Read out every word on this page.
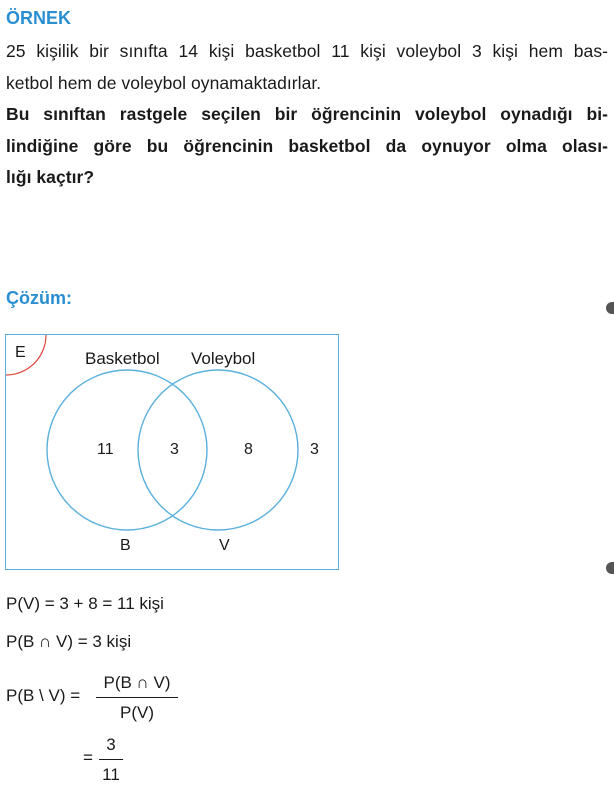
ÖRNEK
25 kişilik bir sınıfta 14 kişi basketbol 11 kişi voleybol 3 kişi hem bas-
ketbol hem de voleybol oynamaktadırlar.
Bu sınıftan rastgele seçilen bir öğrencinin voleybol oynadığı bi-
lindiğine göre bu öğrencinin basketbol da oynuyor olma olası-
lığı kaçtır?
Çözüm:
E	Basketbol Voleybol
11	3	8	3
B	V
P(V) = 3 + 8 = 11 kişi
P(B ∩ V) = 3 kişi
P(B \ V) =
P(B ∩ V)
P(V)
=
3
11
